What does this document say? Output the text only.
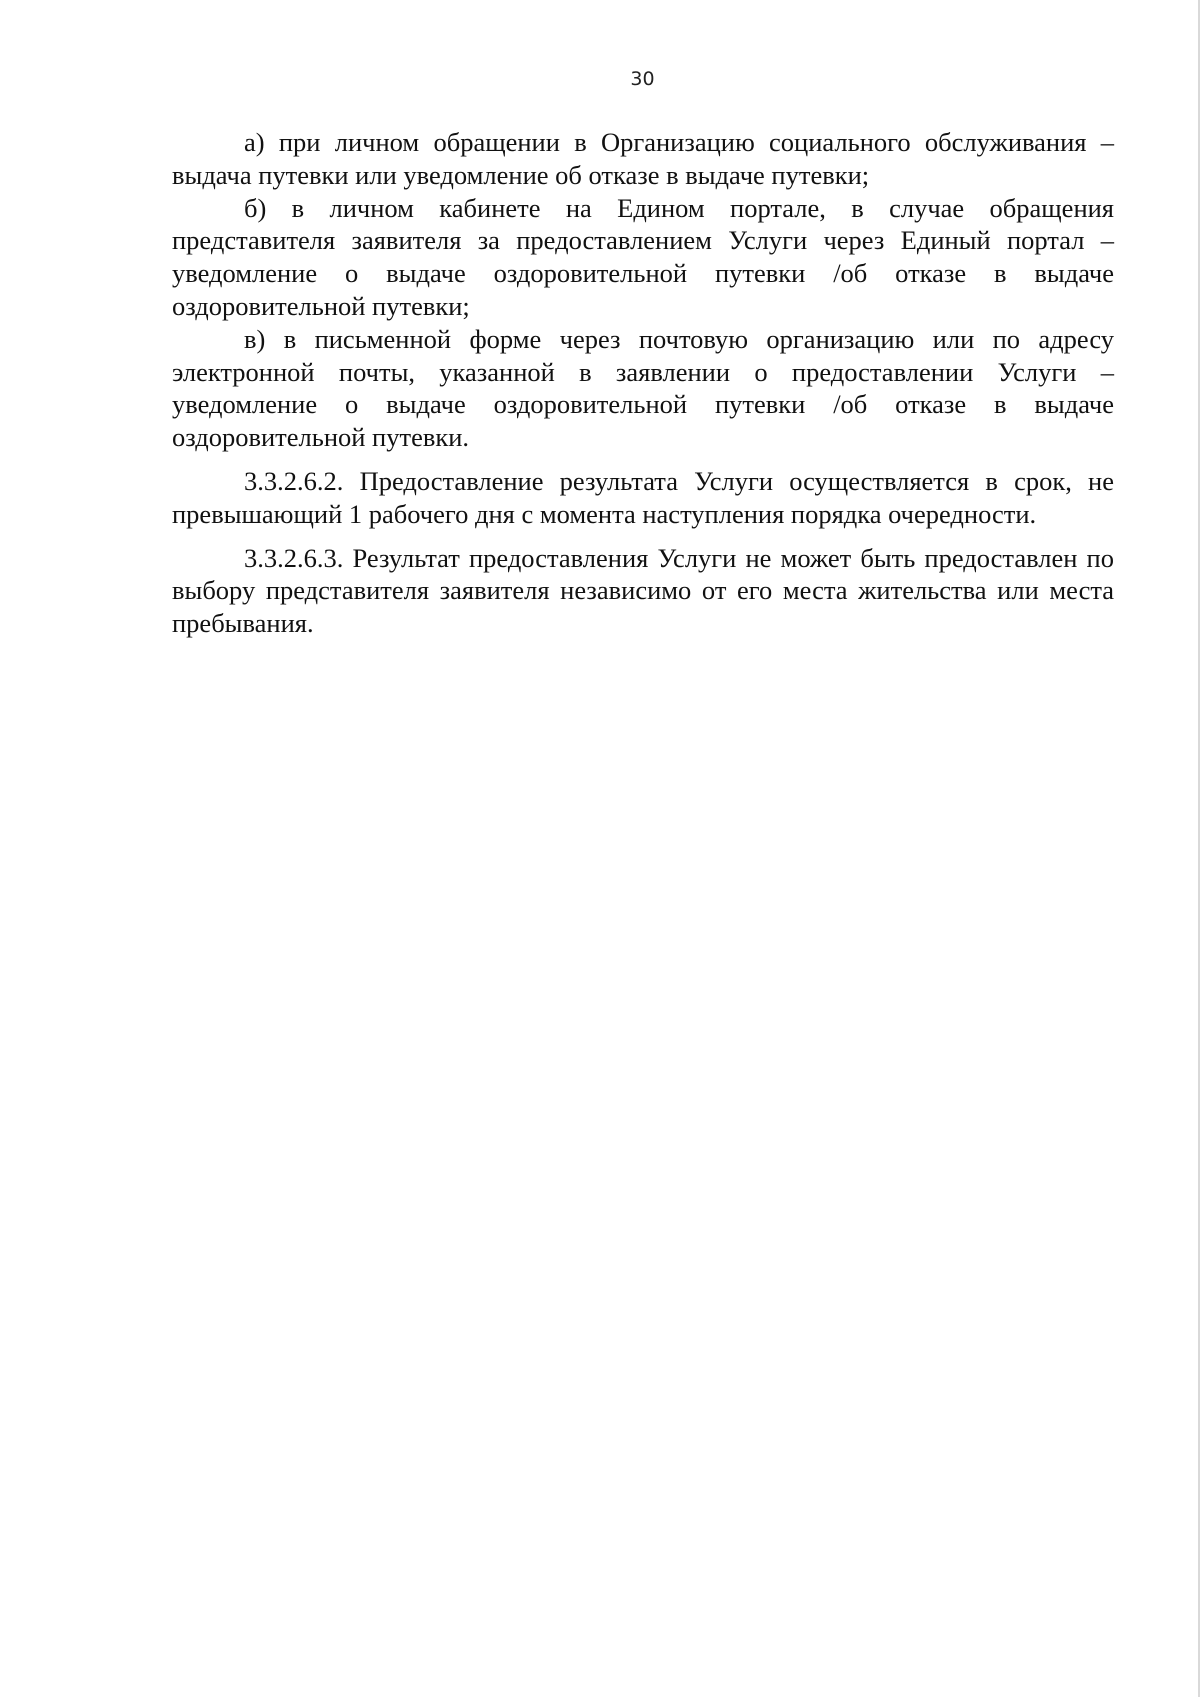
30

а) при личном обращении в Организацию социального обслуживания – выдача путевки или уведомление об отказе в выдаче путевки;

б) в личном кабинете на Едином портале, в случае обращения представителя заявителя за предоставлением Услуги через Единый портал – уведомление о выдаче оздоровительной путевки /об отказе в выдаче оздоровительной путевки;

в) в письменной форме через почтовую организацию или по адресу электронной почты, указанной в заявлении о предоставлении Услуги – уведомление о выдаче оздоровительной путевки /об отказе в выдаче оздоровительной путевки.

3.3.2.6.2. Предоставление результата Услуги осуществляется в срок, не превышающий 1 рабочего дня с момента наступления порядка очередности.

3.3.2.6.3. Результат предоставления Услуги не может быть предоставлен по выбору представителя заявителя независимо от его места жительства или места пребывания.
